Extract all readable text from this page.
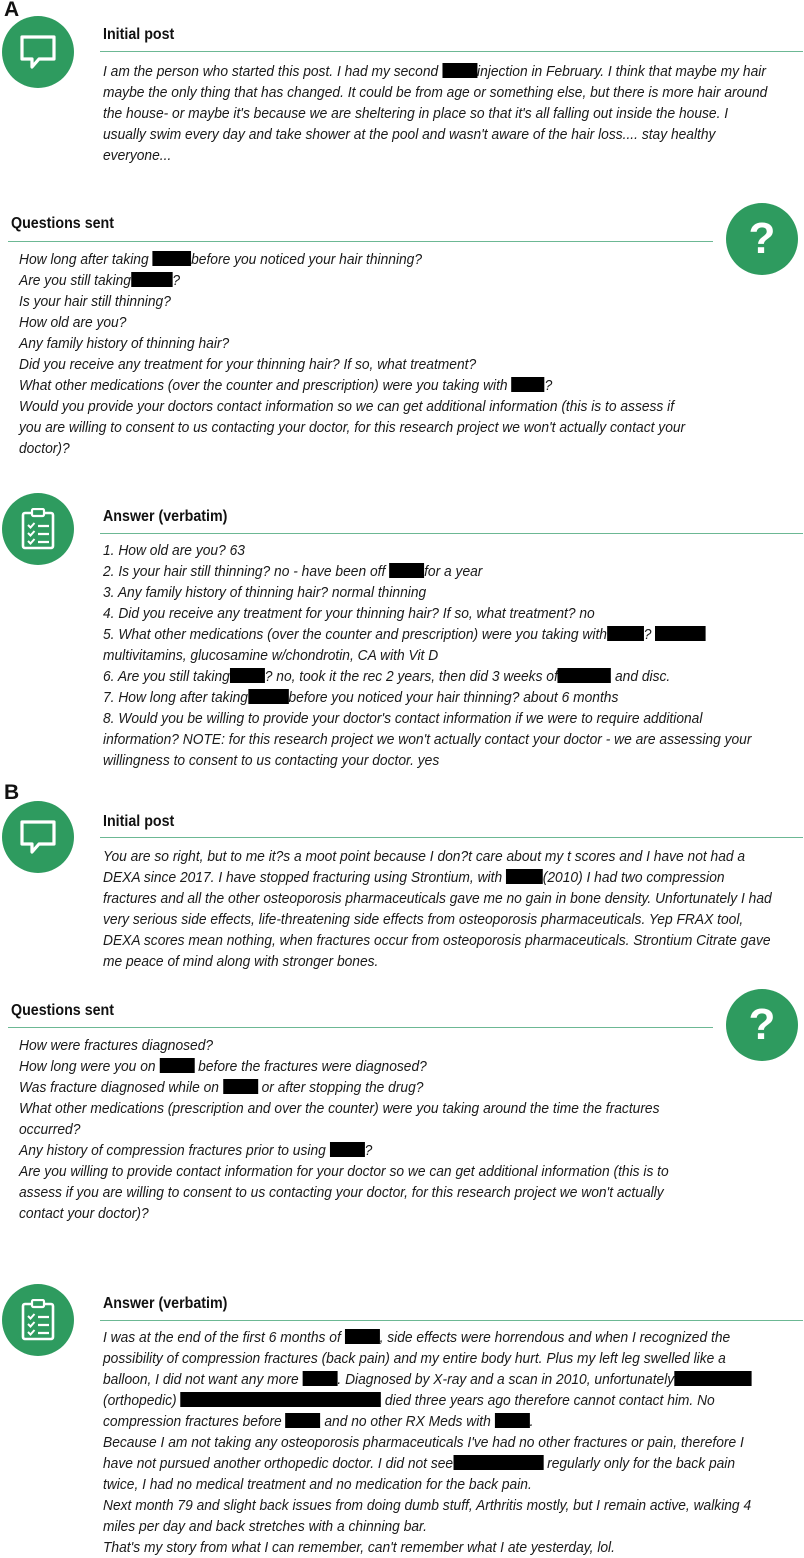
A
Initial post
I am the person who started this post. I had my second injection in February. I think that maybe my hair
maybe the only thing that has changed. It could be from age or something else, but there is more hair around
the house- or maybe it's because we are sheltering in place so that it's all falling out inside the house. I
usually swim every day and take shower at the pool and wasn't aware of the hair loss.... stay healthy
everyone...
Questions sent	?
How long after taking	before you noticed your hair thinning?
Are you still taking	?
Is your hair still thinning?
How old are you?
Any family history of thinning hair?
Did you receive any treatment for your thinning hair? If so, what treatment?
What other medications (over the counter and prescription) were you taking with ?
Would you provide your doctors contact information so we can get additional information (this is to assess if
you are willing to consent to us contacting your doctor, for this research project we won't actually contact your
doctor)?
Answer (verbatim)
1. How old are you? 63
2. Is your hair still thinning? no - have been off for a year
3. Any family history of thinning hair? normal thinning
4. Did you receive any treatment for your thinning hair? If so, what treatment? no
5. What other medications (over the counter and prescription) were you taking with ?
multivitamins, glucosamine w/chondrotin, CA with Vit D
6. Are you still taking ? no, took it the rec 2 years, then did 3 weeks of	and disc.
7. How long after taking	before you noticed your hair thinning? about 6 months
8. Would you be willing to provide your doctor's contact information if we were to require additional
information? NOTE: for this research project we won't actually contact your doctor - we are assessing your
willingness to consent to us contacting your doctor. yes
B
Initial post
You are so right, but to me it?s a moot point because I don?t care about my t scores and I have not had a
DEXA since 2017. I have stopped fracturing using Strontium, with (2010) I had two compression
fractures and all the other osteoporosis pharmaceuticals gave me no gain in bone density. Unfortunately I had
very serious side effects, life-threatening side effects from osteoporosis pharmaceuticals. Yep FRAX tool,
DEXA scores mean nothing, when fractures occur from osteoporosis pharmaceuticals. Strontium Citrate gave
me peace of mind along with stronger bones.
Questions sent	?
How were fractures diagnosed?
How long were you on  before the fractures were diagnosed?
Was fracture diagnosed while on  or after stopping the drug?
What other medications (prescription and over the counter) were you taking around the time the fractures
occurred?
Any history of compression fractures prior to using ?
Are you willing to provide contact information for your doctor so we can get additional information (this is to
assess if you are willing to consent to us contacting your doctor, for this research project we won't actually
contact your doctor)?
Answer (verbatim)
I was at the end of the first 6 months of , side effects were horrendous and when I recognized the
possibility of compression fractures (back pain) and my entire body hurt. Plus my left leg swelled like a
balloon, I did not want any more . Diagnosed by X-ray and a scan in 2010, unfortunately
(orthopedic)	died three years ago therefore cannot contact him. No
compression fractures before  and no other RX Meds with .
Because I am not taking any osteoporosis pharmaceuticals I've had no other fractures or pain, therefore I
have not pursued another orthopedic doctor. I did not see	regularly only for the back pain
twice, I had no medical treatment and no medication for the back pain.
Next month 79 and slight back issues from doing dumb stuff, Arthritis mostly, but I remain active, walking 4
miles per day and back stretches with a chinning bar.
That's my story from what I can remember, can't remember what I ate yesterday, lol.
